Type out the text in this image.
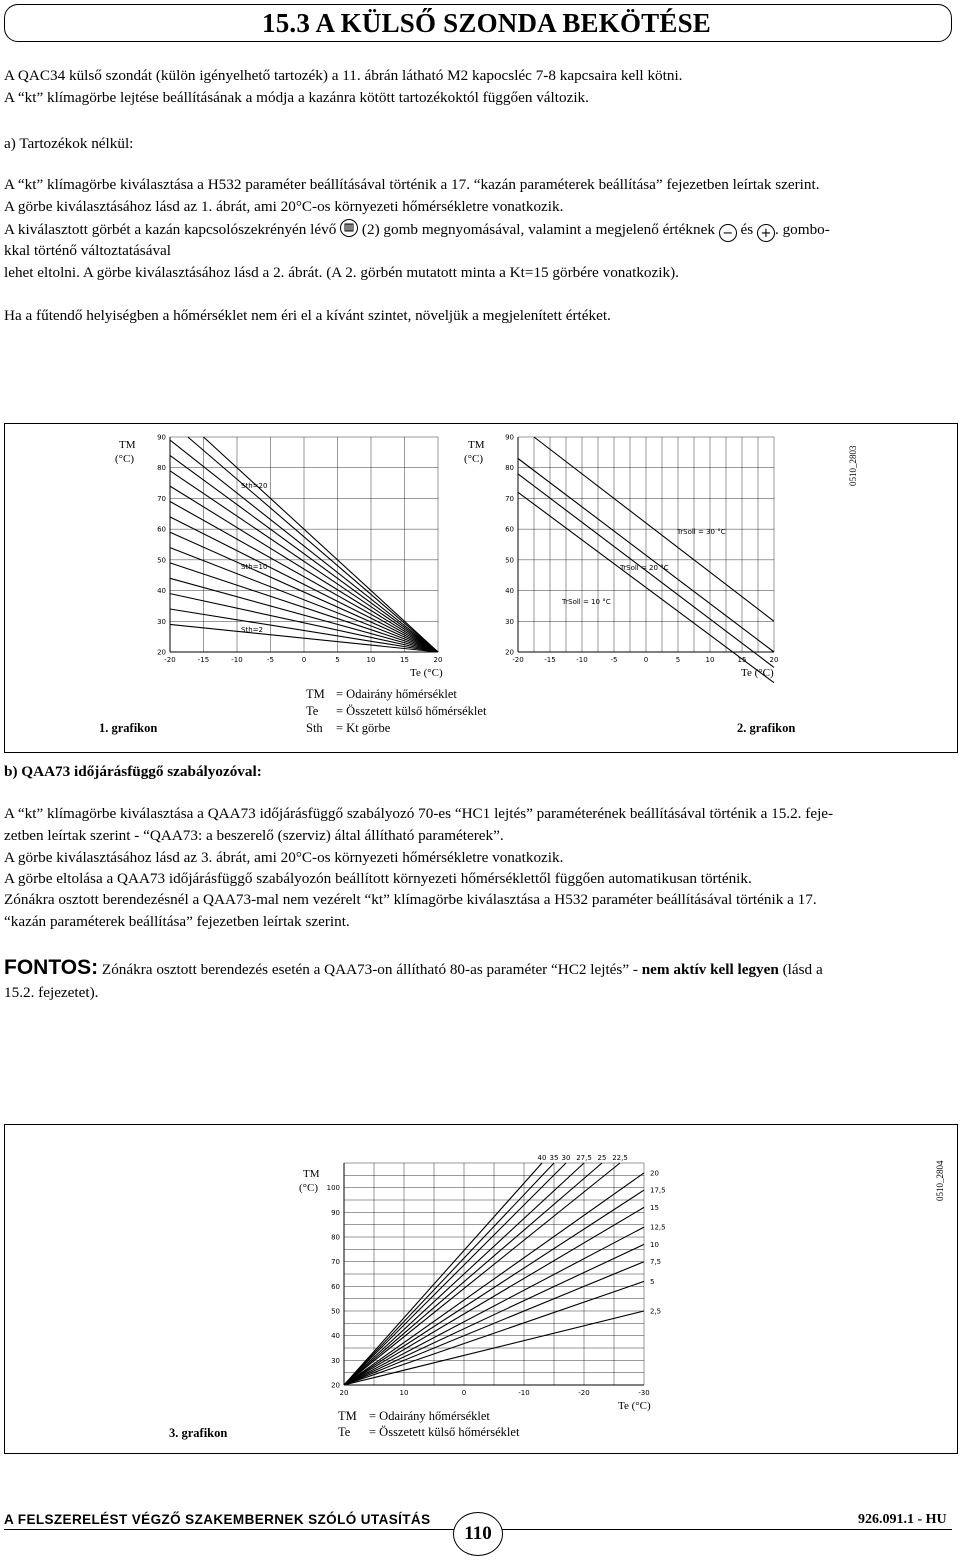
15.3 A KÜLSŐ SZONDA BEKÖTÉSE
A QAC34 külső szondát (külön igényelhető tartozék) a 11. ábrán látható M2 kapocsléc 7-8 kapcsaira kell kötni.
A “kt” klímagörbe lejtése beállításának a módja a kazánra kötött tartozékoktól függően változik.
a) Tartozékok nélkül:
A “kt” klímagörbe kiválasztása a H532 paraméter beállításával történik a 17. “kazán paraméterek beállítása” fejezetben leírtak szerint.
A görbe kiválasztásához lásd az 1. ábrát, ami 20°C-os környezeti hőmérsékletre vonatkozik.
A kiválasztott görbét a kazán kapcsolószekrényén lévő (2) gomb megnyomásával, valamint a megjelenő értéknek − és + . gombo-
kkal történő változtatásával
lehet eltolni. A görbe kiválasztásához lásd a 2. ábrát. (A 2. görbén mutatott minta a Kt=15 görbére vonatkozik).
Ha a fűtendő helyiségben a hőmérséklet nem éri el a kívánt szintet, növeljük a megjelenített értéket.
TM
(°C)
20
30
40
50
60
70
80
90
-20	-15	-10	-5	0	5	10	15	20
Sth=20
Sth=10
Sth=2
Te (°C)
TM
(°C)
20
30
40
50
60
70
80
90
-20	-15	-10	-5	0	5	10	15	20
TrSoll = 30 °C
TrSoll = 20 °C
TrSoll = 10 °C
Te (°C)
0510_2803
1. grafikon	2. grafikon
TM = Odairány hőmérséklet
Te = Összetett külső hőmérséklet
Sth = Kt görbe
b) QAA73 időjárásfüggő szabályozóval:
A “kt” klímagörbe kiválasztása a QAA73 időjárásfüggő szabályozó 70-es “HC1 lejtés” paraméterének beállításával történik a 15.2. feje-
zetben leírtak szerint - “QAA73: a beszerelő (szerviz) által állítható paraméterek”.
A görbe kiválasztásához lásd az 3. ábrát, ami 20°C-os környezeti hőmérsékletre vonatkozik.
A görbe eltolása a QAA73 időjárásfüggő szabályozón beállított környezeti hőmérséklettől függően automatikusan történik.
Zónákra osztott berendezésnél a QAA73-mal nem vezérelt “kt” klímagörbe kiválasztása a H532 paraméter beállításával történik a 17.
“kazán paraméterek beállítása” fejezetben leírtak szerint.
FONTOS: Zónákra osztott berendezés esetén a QAA73-on állítható 80-as paraméter “HC2 lejtés” - nem aktív kell legyen (lásd a
15.2. fejezetet).
TM
(°C)
20
30
40
50
60
70
80
90
100
20	10	0	-10	-20	-30
40 35 30 27,5 25 22,5
20
17,5
15
12,5
10
7,5
5
2,5
Te (°C)
0510_2804
3. grafikon
TM = Odairány hőmérséklet
Te = Összetett külső hőmérséklet
A FELSZERELÉST VÉGZŐ SZAKEMBERNEK SZÓLÓ UTASÍTÁS
110
926.091.1 - HU
